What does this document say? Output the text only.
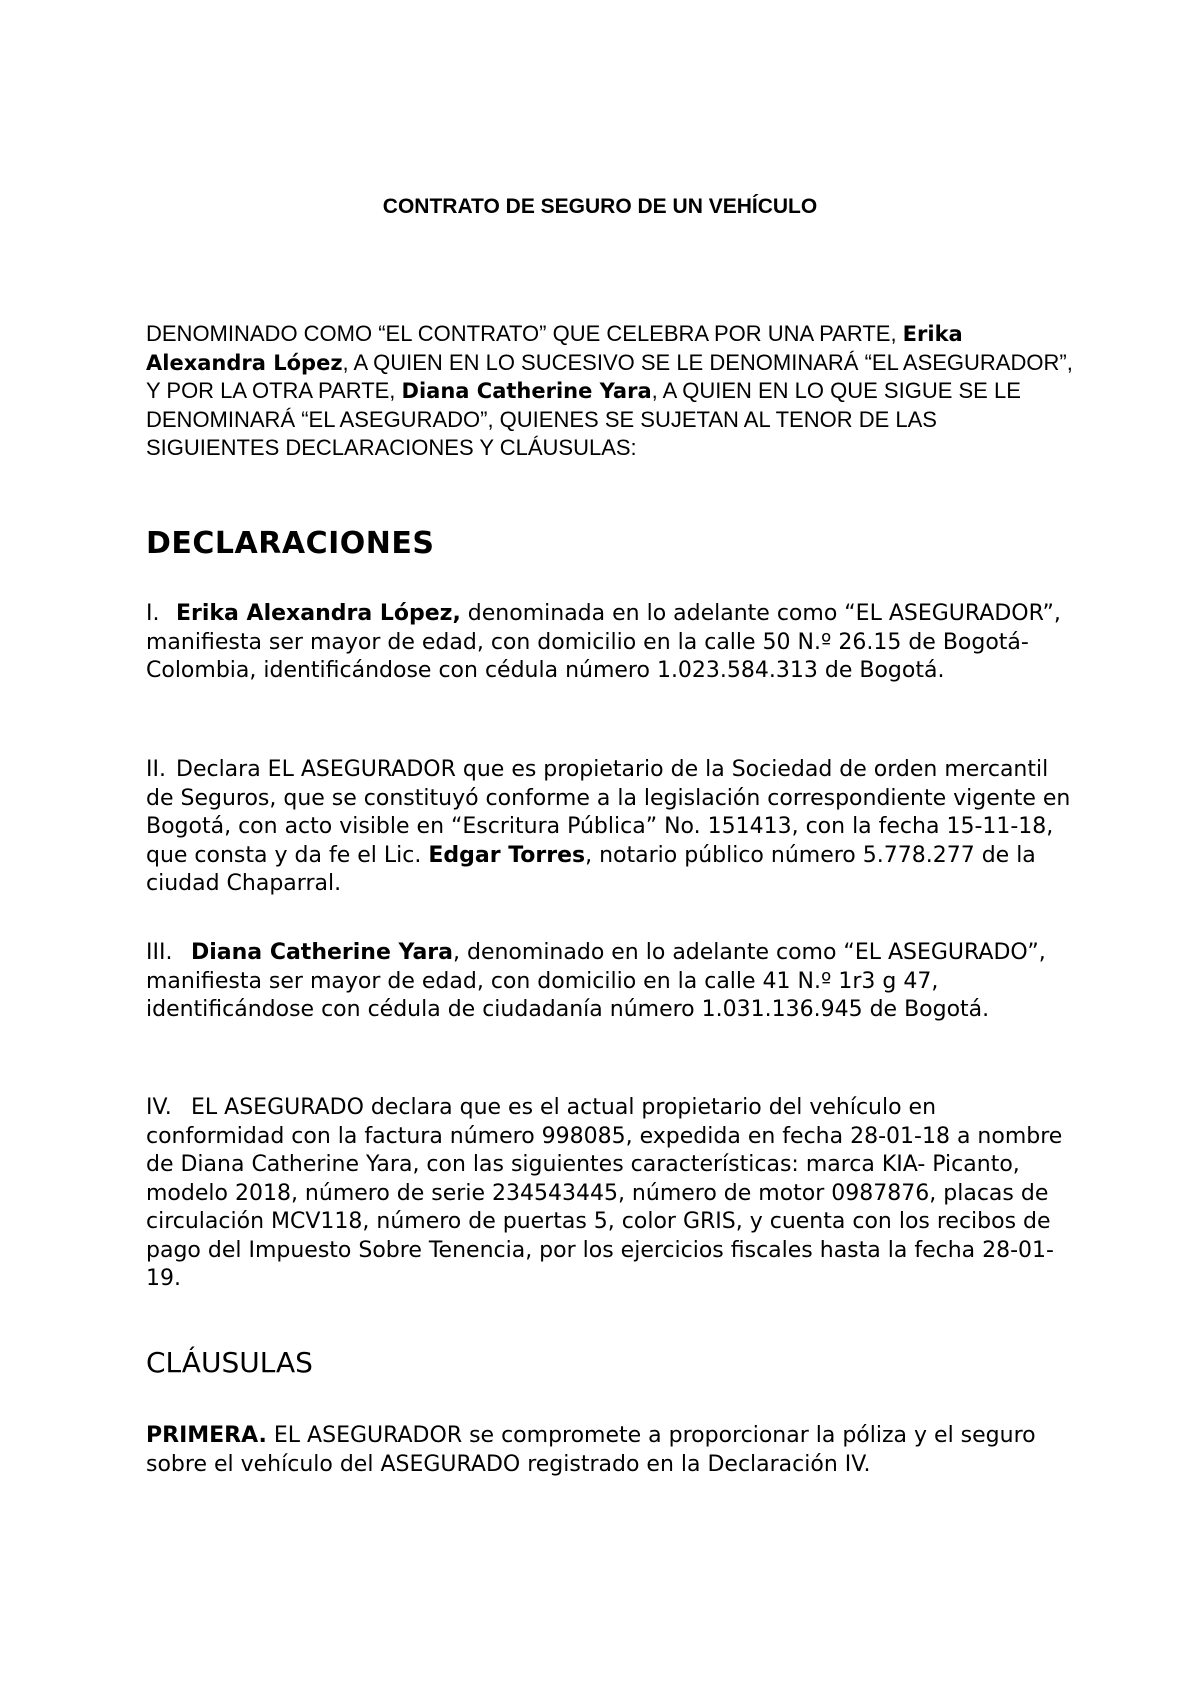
CONTRATO DE SEGURO DE UN VEHÍCULO

DENOMINADO COMO “EL CONTRATO” QUE CELEBRA POR UNA PARTE, Erika Alexandra López, A QUIEN EN LO SUCESIVO SE LE DENOMINARÁ “EL ASEGURADOR”, Y POR LA OTRA PARTE, Diana Catherine Yara, A QUIEN EN LO QUE SIGUE SE LE DENOMINARÁ “EL ASEGURADO”, QUIENES SE SUJETAN AL TENOR DE LAS SIGUIENTES DECLARACIONES Y CLÁUSULAS:

DECLARACIONES

I. Erika Alexandra López, denominada en lo adelante como “EL ASEGURADOR”, manifiesta ser mayor de edad, con domicilio en la calle 50 N.º 26.15 de Bogotá- Colombia, identificándose con cédula número 1.023.584.313 de Bogotá.

II. Declara EL ASEGURADOR que es propietario de la Sociedad de orden mercantil de Seguros, que se constituyó conforme a la legislación correspondiente vigente en Bogotá, con acto visible en “Escritura Pública” No. 151413, con la fecha 15-11-18, que consta y da fe el Lic. Edgar Torres, notario público número 5.778.277 de la ciudad Chaparral.

III. Diana Catherine Yara, denominado en lo adelante como “EL ASEGURADO”, manifiesta ser mayor de edad, con domicilio en la calle 41 N.º 1r3 g 47, identificándose con cédula de ciudadanía número 1.031.136.945 de Bogotá.

IV. EL ASEGURADO declara que es el actual propietario del vehículo en conformidad con la factura número 998085, expedida en fecha 28-01-18 a nombre de Diana Catherine Yara, con las siguientes características: marca KIA- Picanto, modelo 2018, número de serie 234543445, número de motor 0987876, placas de circulación MCV118, número de puertas 5, color GRIS, y cuenta con los recibos de pago del Impuesto Sobre Tenencia, por los ejercicios fiscales hasta la fecha 28-01-19.

CLÁUSULAS

PRIMERA. EL ASEGURADOR se compromete a proporcionar la póliza y el seguro sobre el vehículo del ASEGURADO registrado en la Declaración IV.
